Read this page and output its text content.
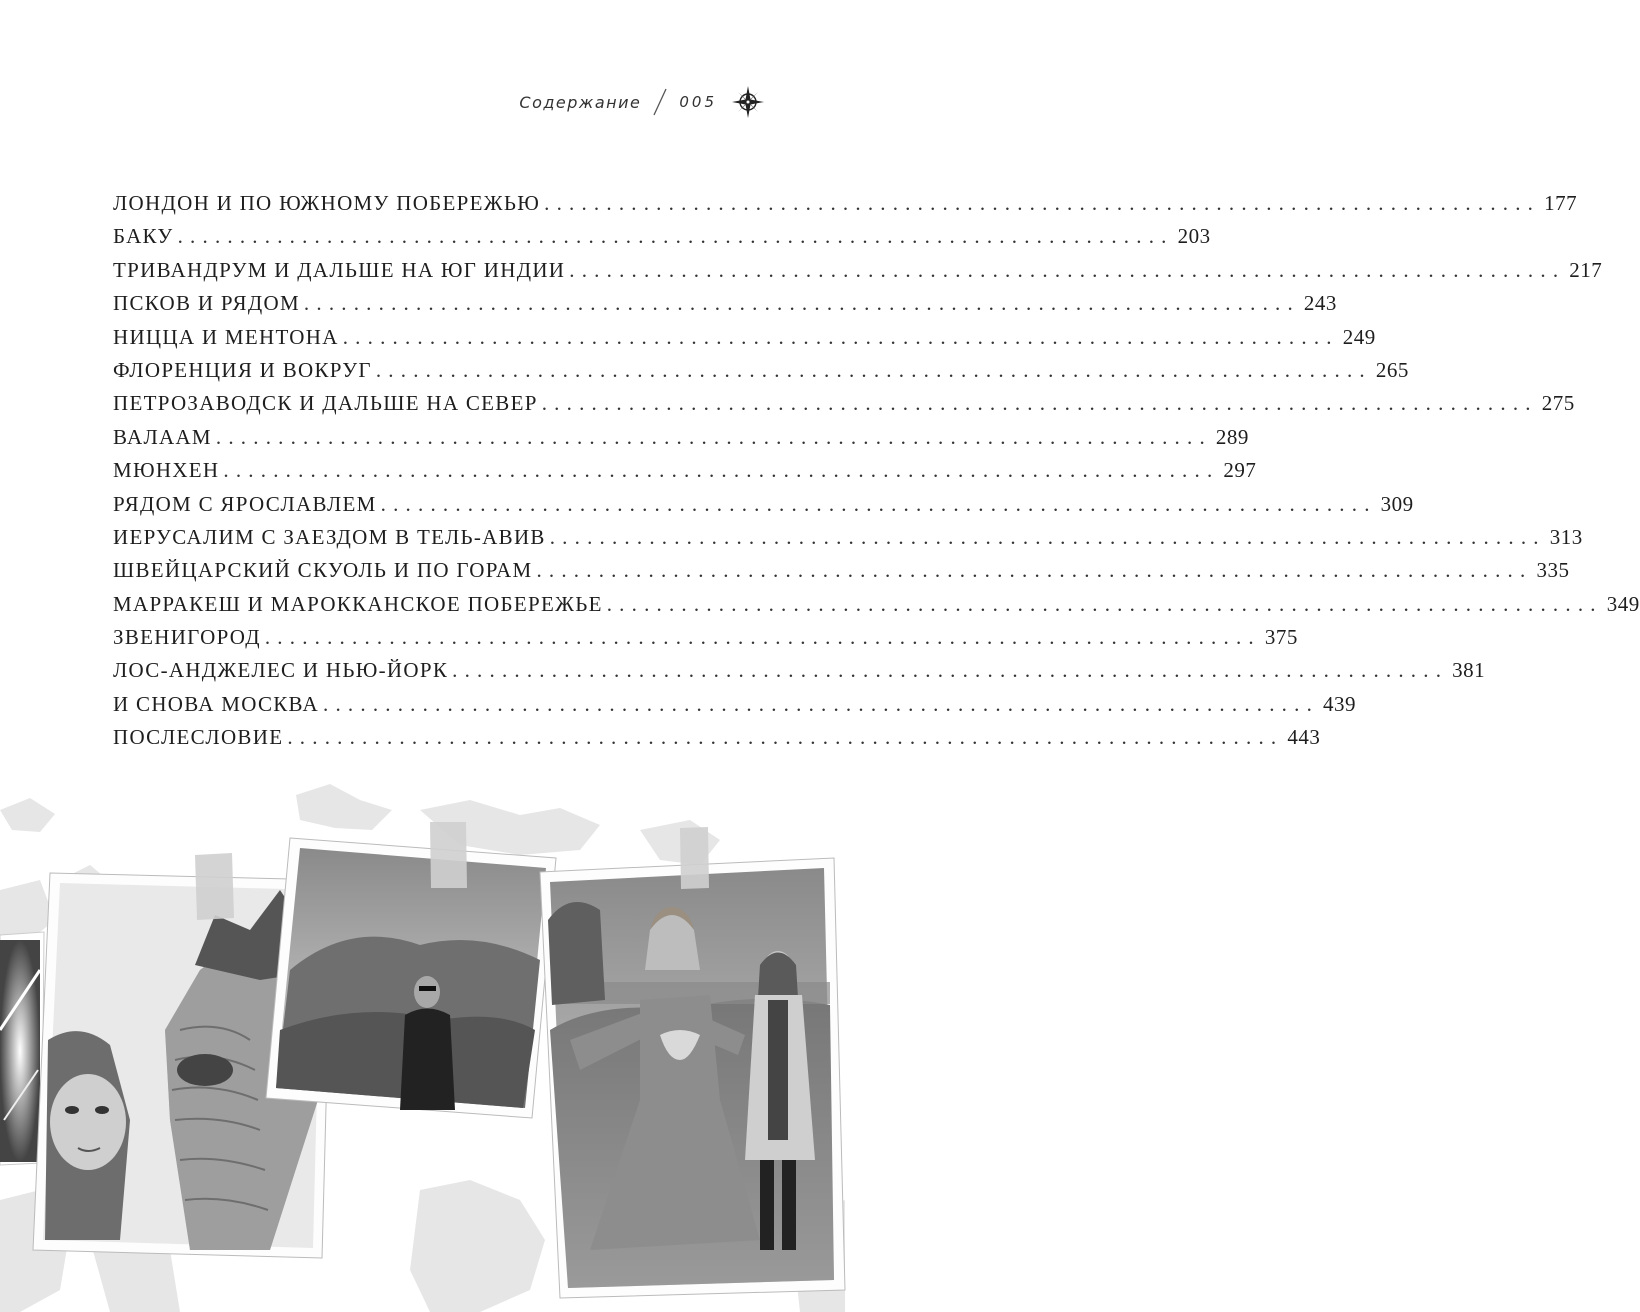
Содержание	005
ЛОНДОН И ПО ЮЖНОМУ ПОБЕРЕЖЬЮ ................................................................................ 177
БАКУ ................................................................................ 203
ТРИВАНДРУМ И ДАЛЬШЕ НА ЮГ ИНДИИ ................................................................................ 217
ПСКОВ И РЯДОМ ................................................................................ 243
НИЦЦА И МЕНТОНА ................................................................................ 249
ФЛОРЕНЦИЯ И ВОКРУГ ................................................................................ 265
ПЕТРОЗАВОДСК И ДАЛЬШЕ НА СЕВЕР ................................................................................ 275
ВАЛААМ ................................................................................ 289
МЮНХЕН ................................................................................ 297
РЯДОМ С ЯРОСЛАВЛЕМ ................................................................................ 309
ИЕРУСАЛИМ С ЗАЕЗДОМ В ТЕЛЬ-АВИВ ................................................................................ 313
ШВЕЙЦАРСКИЙ СКУОЛЬ И ПО ГОРАМ ................................................................................ 335
МАРРАКЕШ И МАРОККАНСКОЕ ПОБЕРЕЖЬЕ ................................................................................ 349
ЗВЕНИГОРОД ................................................................................ 375
ЛОС-АНДЖЕЛЕС И НЬЮ-ЙОРК ................................................................................ 381
И СНОВА МОСКВА ................................................................................ 439
ПОСЛЕСЛОВИЕ ................................................................................ 443
